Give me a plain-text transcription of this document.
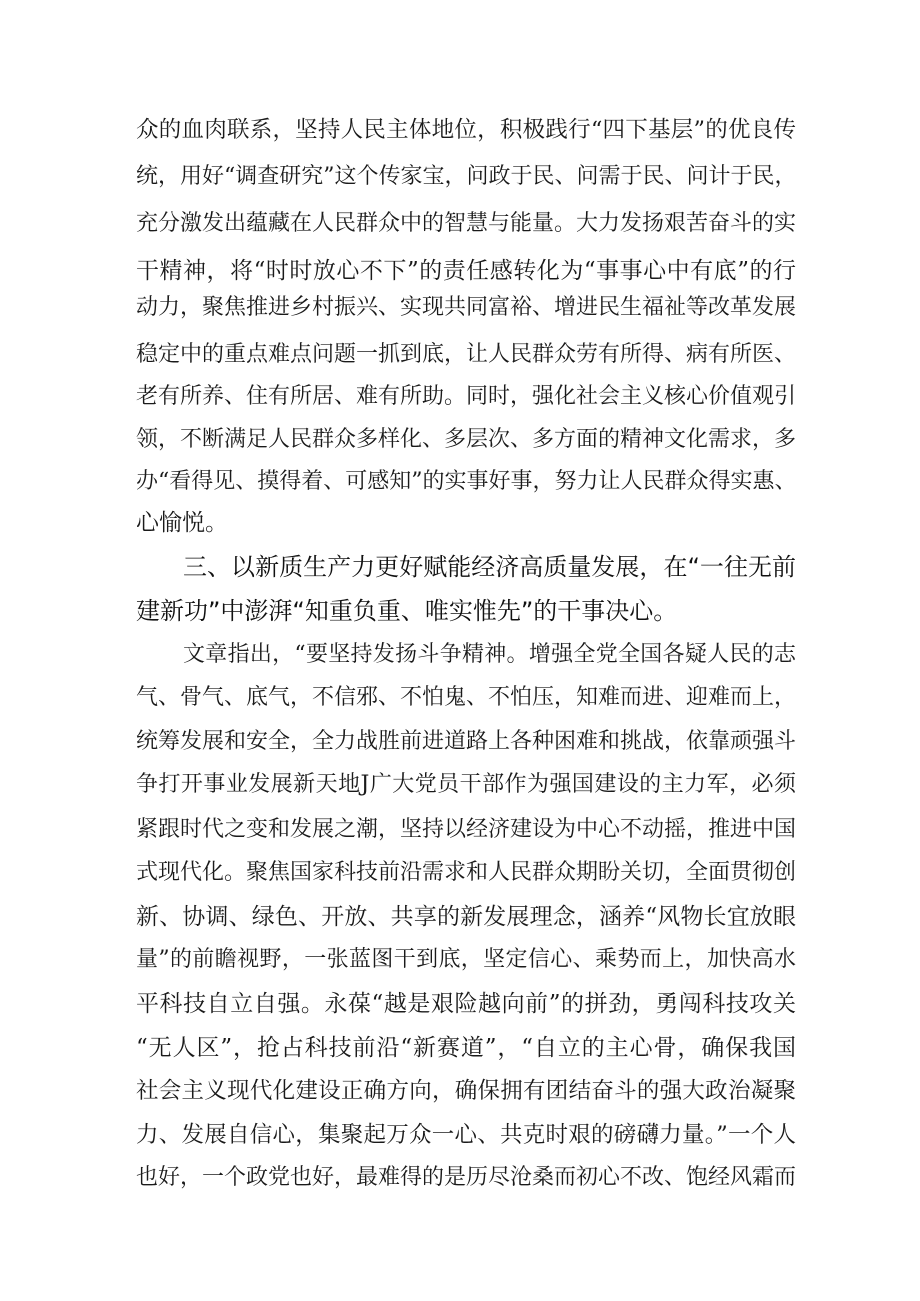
众的血肉联系，坚持人民主体地位，积极践行“四下基层”的优良传
统，用好“调查研究”这个传家宝，问政于民、问需于民、问计于民，
充分激发出蕴藏在人民群众中的智慧与能量。大力发扬艰苦奋斗的实
干精神，将“时时放心不下”的责任感转化为“事事心中有底”的行
动力，聚焦推进乡村振兴、实现共同富裕、增进民生福祉等改革发展
稳定中的重点难点问题一抓到底，让人民群众劳有所得、病有所医、
老有所养、住有所居、难有所助。同时，强化社会主义核心价值观引
领，不断满足人民群众多样化、多层次、多方面的精神文化需求，多
办“看得见、摸得着、可感知”的实事好事，努力让人民群众得实惠、
心愉悦。
三、以新质生产力更好赋能经济高质量发展，在“一往无前
建新功”中澎湃“知重负重、唯实惟先”的干事决心。
文章指出，“要坚持发扬斗争精神。增强全党全国各疑人民的志
气、骨气、底气，不信邪、不怕鬼、不怕压，知难而进、迎难而上，
统筹发展和安全，全力战胜前进道路上各种困难和挑战，依靠顽强斗
争打开事业发展新天地J广大党员干部作为强国建设的主力军，必须
紧跟时代之变和发展之潮，坚持以经济建设为中心不动摇，推进中国
式现代化。聚焦国家科技前沿需求和人民群众期盼关切，全面贯彻创
新、协调、绿色、开放、共享的新发展理念，涵养“风物长宜放眼
量”的前瞻视野，一张蓝图干到底，坚定信心、乘势而上，加快高水
平科技自立自强。永葆“越是艰险越向前”的拼劲，勇闯科技攻关
“无人区”，抢占科技前沿“新赛道”，“自立的主心骨，确保我国
社会主义现代化建设正确方向，确保拥有团结奋斗的强大政治凝聚
力、发展自信心，集聚起万众一心、共克时艰的磅礴力量。”一个人
也好，一个政党也好，最难得的是历尽沧桑而初心不改、饱经风霜而
